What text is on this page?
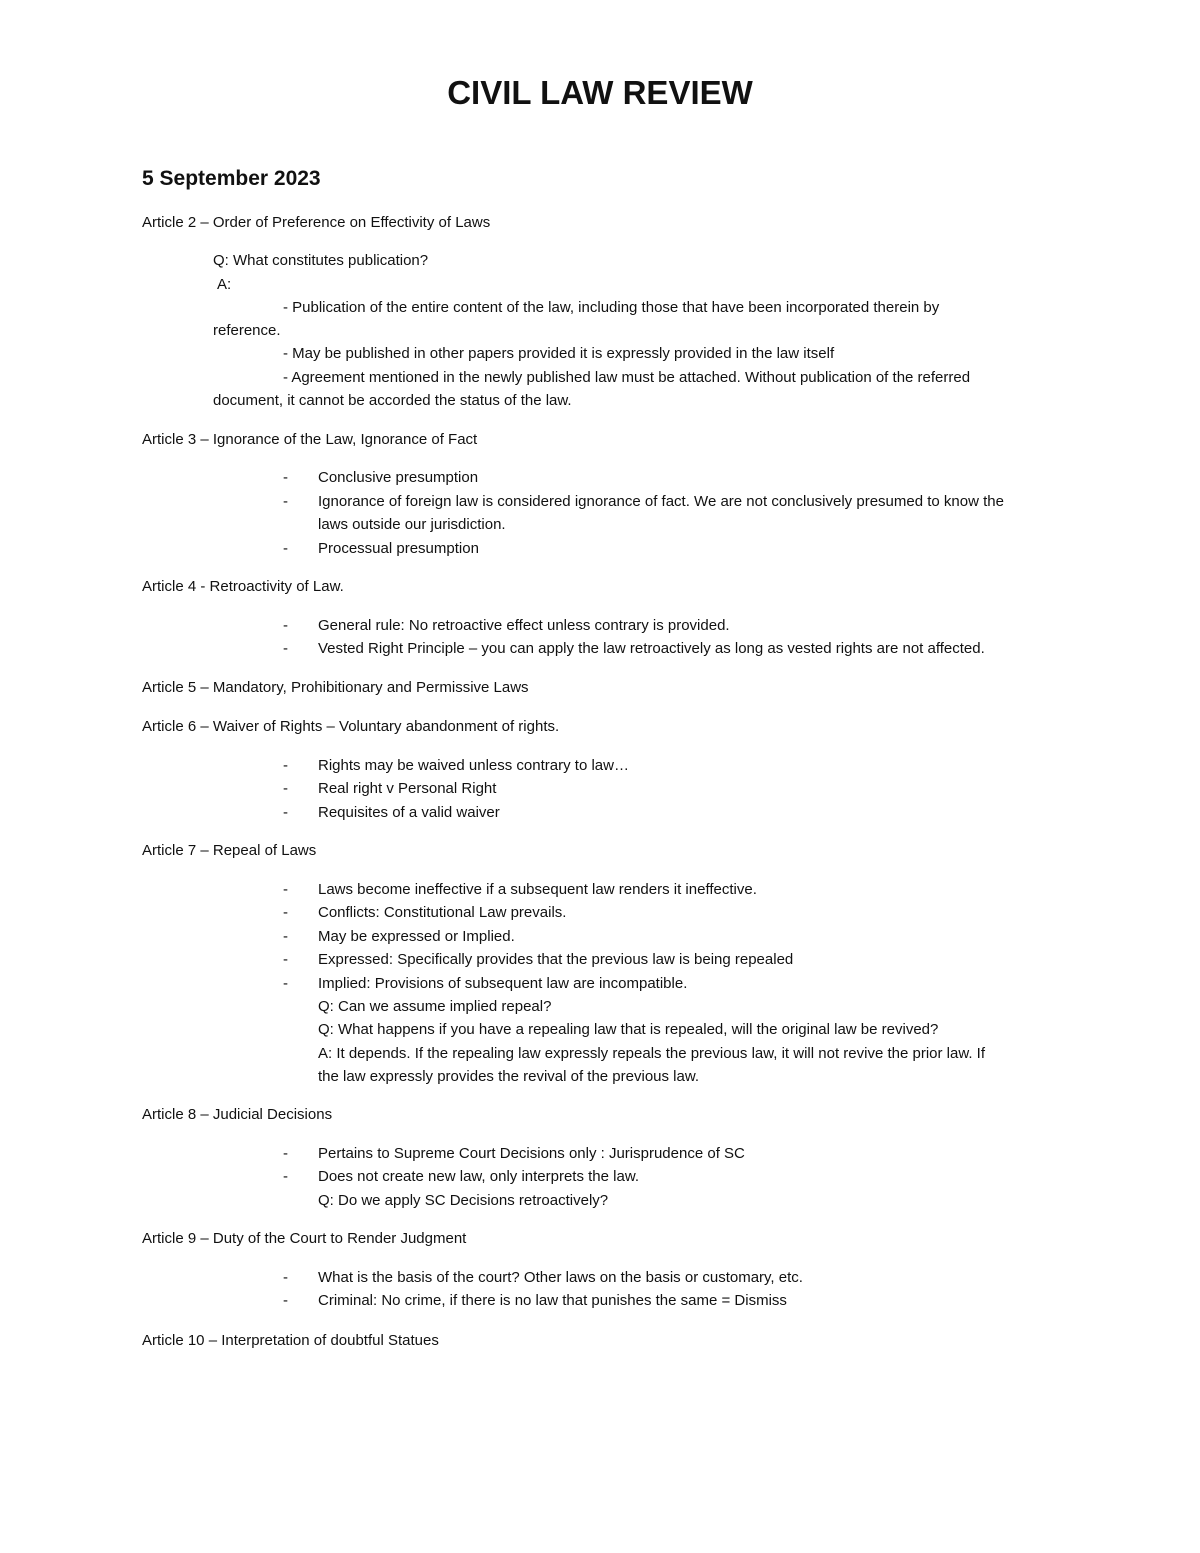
CIVIL LAW REVIEW
5 September 2023
Article 2 – Order of Preference on Effectivity of Laws
Q: What constitutes publication?
A:
- Publication of the entire content of the law, including those that have been incorporated therein by
reference.
- May be published in other papers provided it is expressly provided in the law itself
- Agreement mentioned in the newly published law must be attached. Without publication of the referred
document, it cannot be accorded the status of the law.
Article 3 – Ignorance of the Law, Ignorance of Fact
- Conclusive presumption
- Ignorance of foreign law is considered ignorance of fact. We are not conclusively presumed to know the
laws outside our jurisdiction.
- Processual presumption
Article 4 - Retroactivity of Law.
- General rule: No retroactive effect unless contrary is provided.
- Vested Right Principle – you can apply the law retroactively as long as vested rights are not affected.
Article 5 – Mandatory, Prohibitionary and Permissive Laws
Article 6 – Waiver of Rights – Voluntary abandonment of rights.
- Rights may be waived unless contrary to law…
- Real right v Personal Right
- Requisites of a valid waiver
Article 7 – Repeal of Laws
- Laws become ineffective if a subsequent law renders it ineffective.
- Conflicts: Constitutional Law prevails.
- May be expressed or Implied.
- Expressed: Specifically provides that the previous law is being repealed
- Implied: Provisions of subsequent law are incompatible.
Q: Can we assume implied repeal?
Q: What happens if you have a repealing law that is repealed, will the original law be revived?
A: It depends. If the repealing law expressly repeals the previous law, it will not revive the prior law. If
the law expressly provides the revival of the previous law.
Article 8 – Judicial Decisions
- Pertains to Supreme Court Decisions only : Jurisprudence of SC
- Does not create new law, only interprets the law.
Q: Do we apply SC Decisions retroactively?
Article 9 – Duty of the Court to Render Judgment
- What is the basis of the court? Other laws on the basis or customary, etc.
- Criminal: No crime, if there is no law that punishes the same = Dismiss
Article 10 – Interpretation of doubtful Statues
